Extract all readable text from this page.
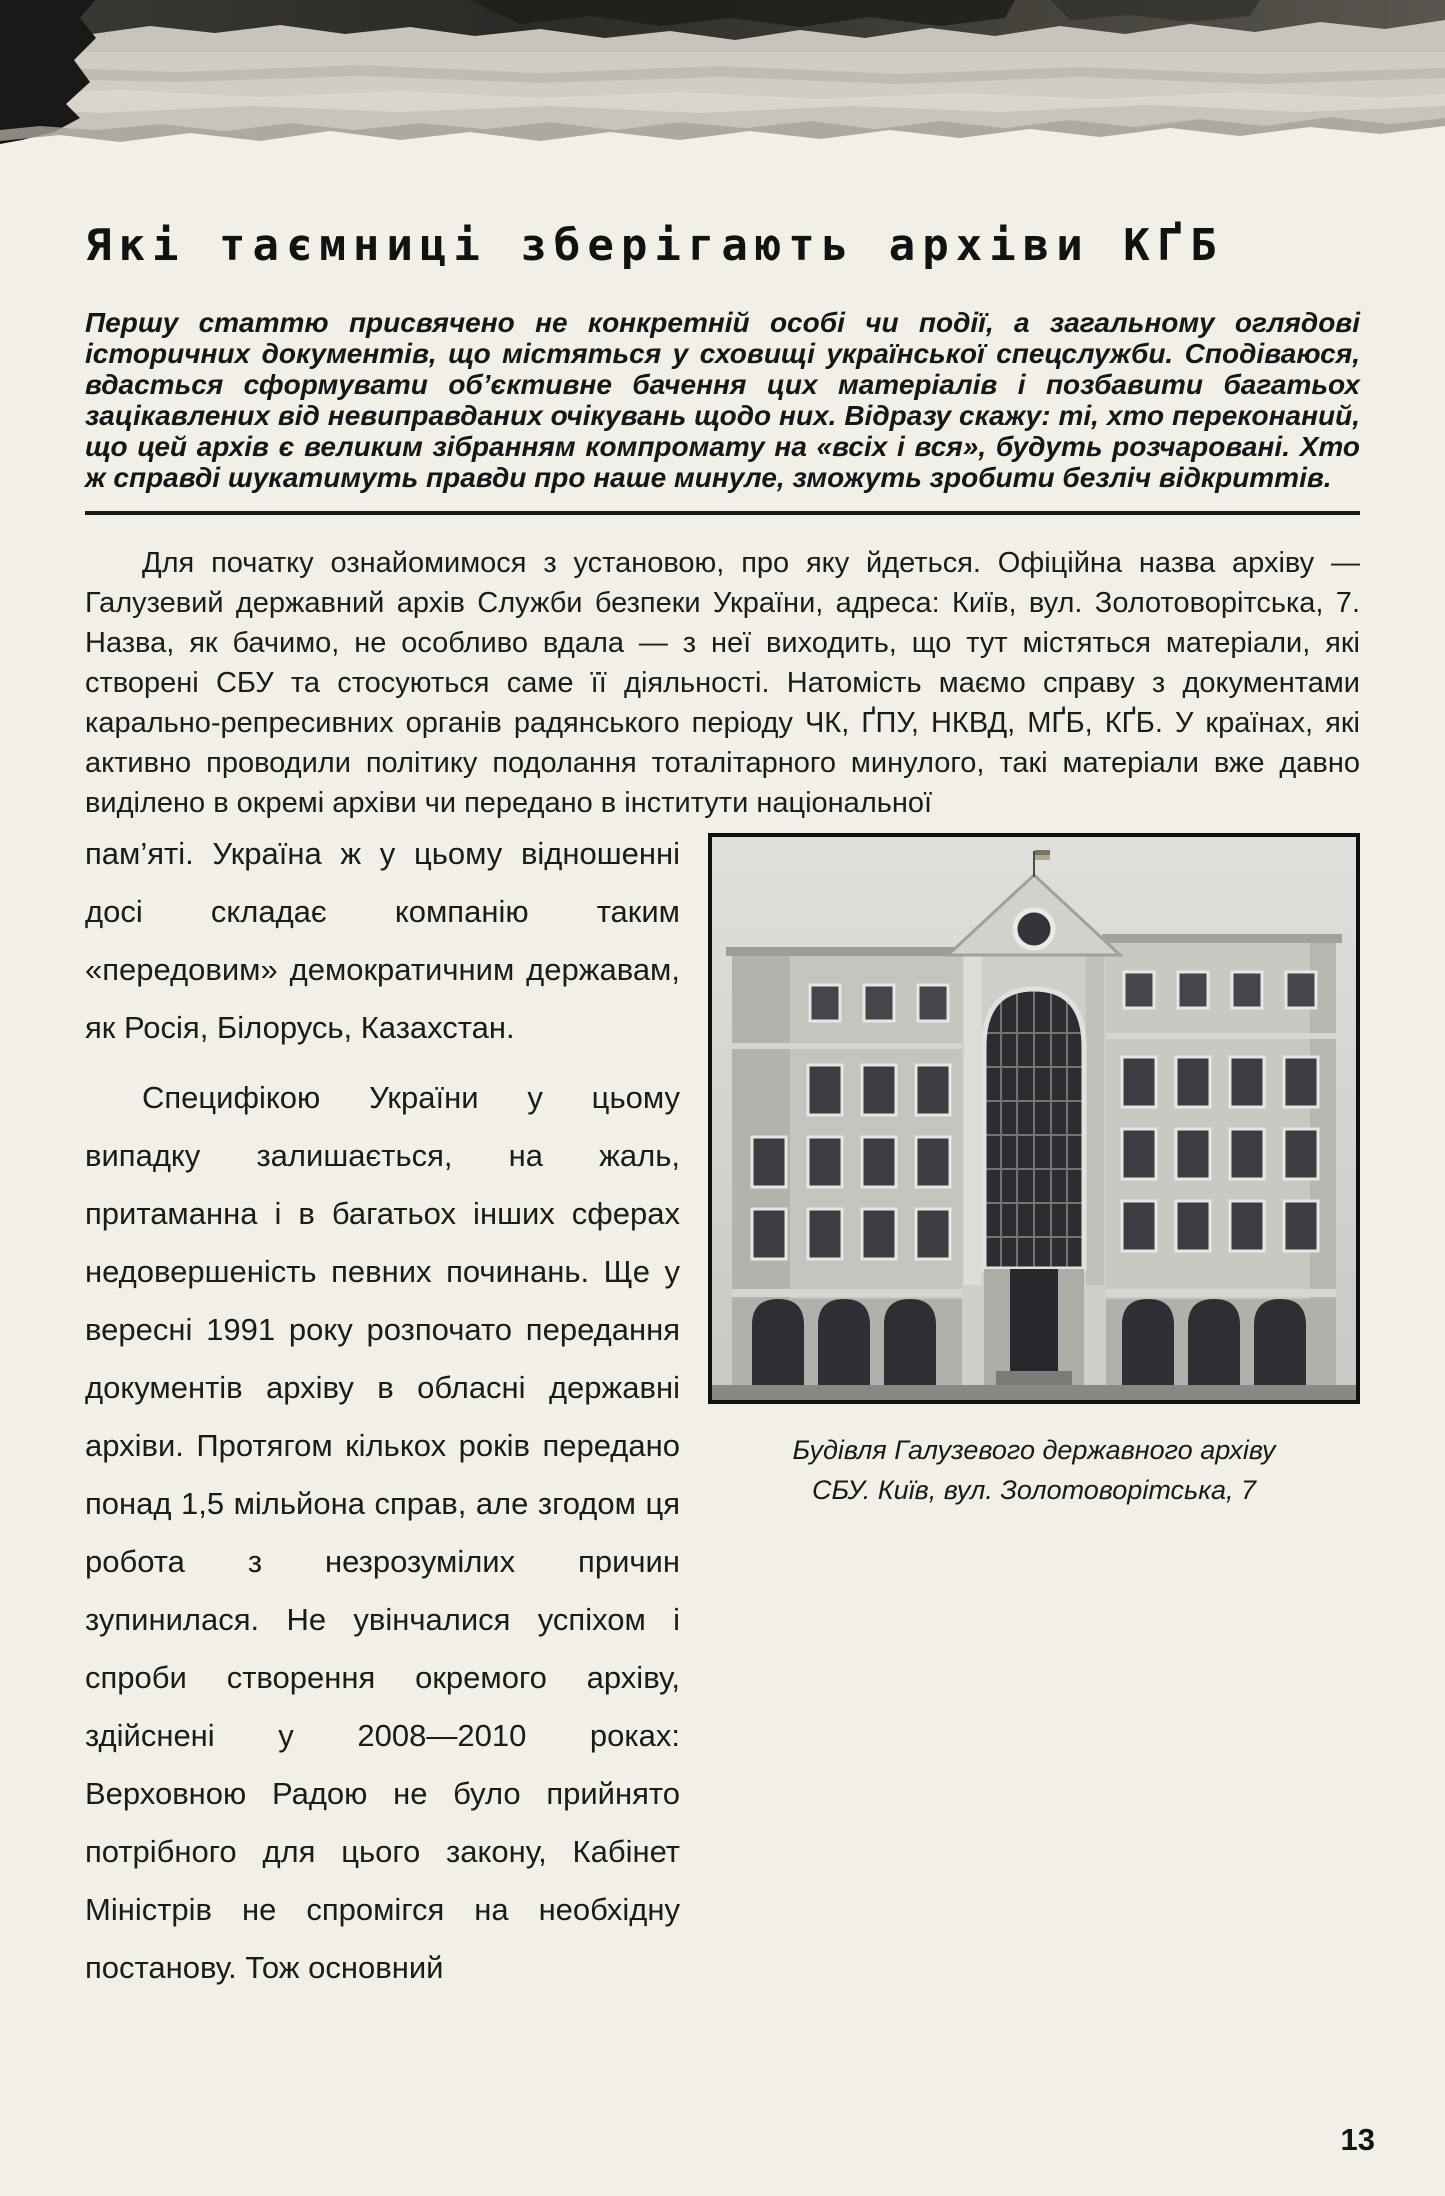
Які таємниці зберігають архіви КҐБ

Першу статтю присвячено не конкретній особі чи події, а загальному оглядові історичних документів, що містяться у сховищі української спецслужби. Сподіваюся, вдасться сформувати об’єктивне бачення цих матеріалів і позбавити багатьох зацікавлених від невиправданих очікувань щодо них. Відразу скажу: ті, хто переконаний, що цей архів є великим зібранням компромату на «всіх і вся», будуть розчаровані. Хто ж справді шукатимуть правди про наше минуле, зможуть зробити безліч відкриттів.

Для початку ознайомимося з установою, про яку йдеться. Офіційна назва архіву — Галузевий державний архів Служби безпеки України, адреса: Київ, вул. Золотоворітська, 7. Назва, як бачимо, не особливо вдала — з неї виходить, що тут містяться матеріали, які створені СБУ та стосуються саме її діяльності. Натомість маємо справу з документами карально-репресивних органів радянського періоду ЧК, ҐПУ, НКВД, МҐБ, КҐБ. У країнах, які активно проводили політику подолання тоталітарного минулого, такі матеріали вже давно виділено в окремі архіви чи передано в інститути національної

Будівля Галузевого державного архіву
СБУ. Київ, вул. Золотоворітська, 7

пам’яті. Україна ж у цьому відношенні досі складає компанію таким «передовим» демократичним державам, як Росія, Білорусь, Казахстан.

Специфікою України у цьому випадку залишається, на жаль, притаманна і в багатьох інших сферах недовершеність певних починань. Ще у вересні 1991 року розпочато передання документів архіву в обласні державні архіви. Протягом кількох років передано понад 1,5 мільйона справ, але згодом ця робота з незрозумілих причин зупинилася. Не увінчалися успіхом і спроби створення окремого архіву, здійснені у 2008—2010 роках: Верховною Радою не було прийнято потрібного для цього закону, Кабінет Міністрів не спромігся на необхідну постанову. Тож основний

13
